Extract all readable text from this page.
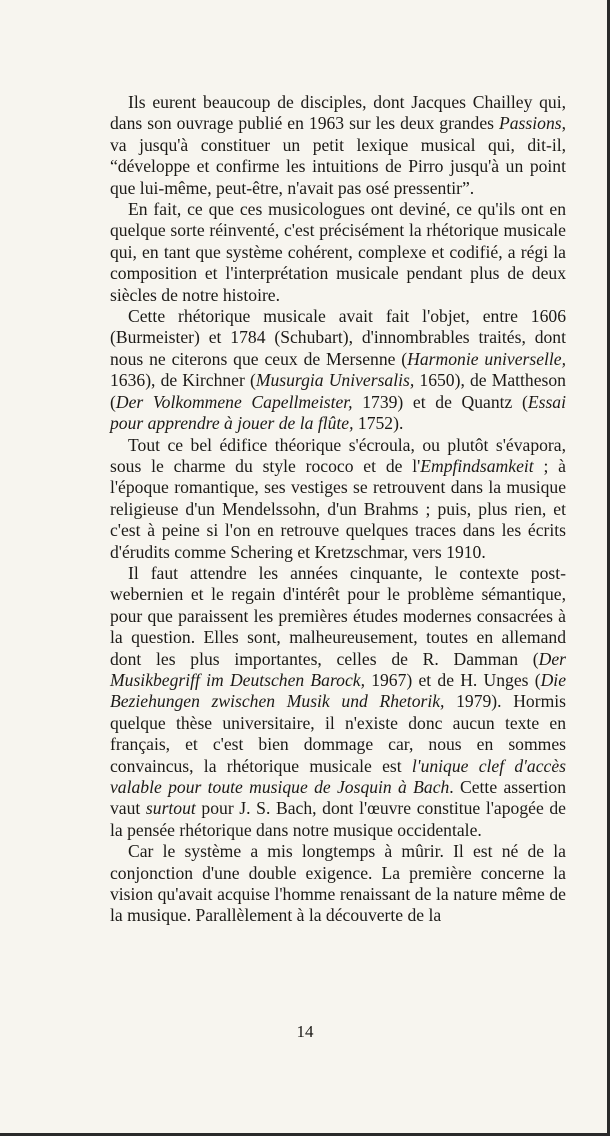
Ils eurent beaucoup de disciples, dont Jacques Chailley qui, dans son ouvrage publié en 1963 sur les deux grandes Passions, va jusqu'à constituer un petit lexique musical qui, dit-il, “développe et confirme les intuitions de Pirro jusqu'à un point que lui-même, peut-être, n'avait pas osé pressentir”.

En fait, ce que ces musicologues ont deviné, ce qu'ils ont en quelque sorte réinventé, c'est précisément la rhétorique musicale qui, en tant que système cohérent, complexe et codifié, a régi la composition et l'interprétation musicale pendant plus de deux siècles de notre histoire.

Cette rhétorique musicale avait fait l'objet, entre 1606 (Burmeister) et 1784 (Schubart), d'innombrables traités, dont nous ne citerons que ceux de Mersenne (Harmonie universelle, 1636), de Kirchner (Musurgia Universalis, 1650), de Mattheson (Der Volkommene Capellmeister, 1739) et de Quantz (Essai pour apprendre à jouer de la flûte, 1752).

Tout ce bel édifice théorique s'écroula, ou plutôt s'évapora, sous le charme du style rococo et de l'Empfindsamkeit ; à l'époque romantique, ses vestiges se retrouvent dans la musique religieuse d'un Mendelssohn, d'un Brahms ; puis, plus rien, et c'est à peine si l'on en retrouve quelques traces dans les écrits d'érudits comme Schering et Kretzschmar, vers 1910.

Il faut attendre les années cinquante, le contexte postwebernien et le regain d'intérêt pour le problème sémantique, pour que paraissent les premières études modernes consacrées à la question. Elles sont, malheureusement, toutes en allemand dont les plus importantes, celles de R. Damman (Der Musikbegriff im Deutschen Barock, 1967) et de H. Unges (Die Beziehungen zwischen Musik und Rhetorik, 1979). Hormis quelque thèse universitaire, il n'existe donc aucun texte en français, et c'est bien dommage car, nous en sommes convaincus, la rhétorique musicale est l'unique clef d'accès valable pour toute musique de Josquin à Bach. Cette assertion vaut surtout pour J. S. Bach, dont l'œuvre constitue l'apogée de la pensée rhétorique dans notre musique occidentale.

Car le système a mis longtemps à mûrir. Il est né de la conjonction d'une double exigence. La première concerne la vision qu'avait acquise l'homme renaissant de la nature même de la musique. Parallèlement à la découverte de la

14
